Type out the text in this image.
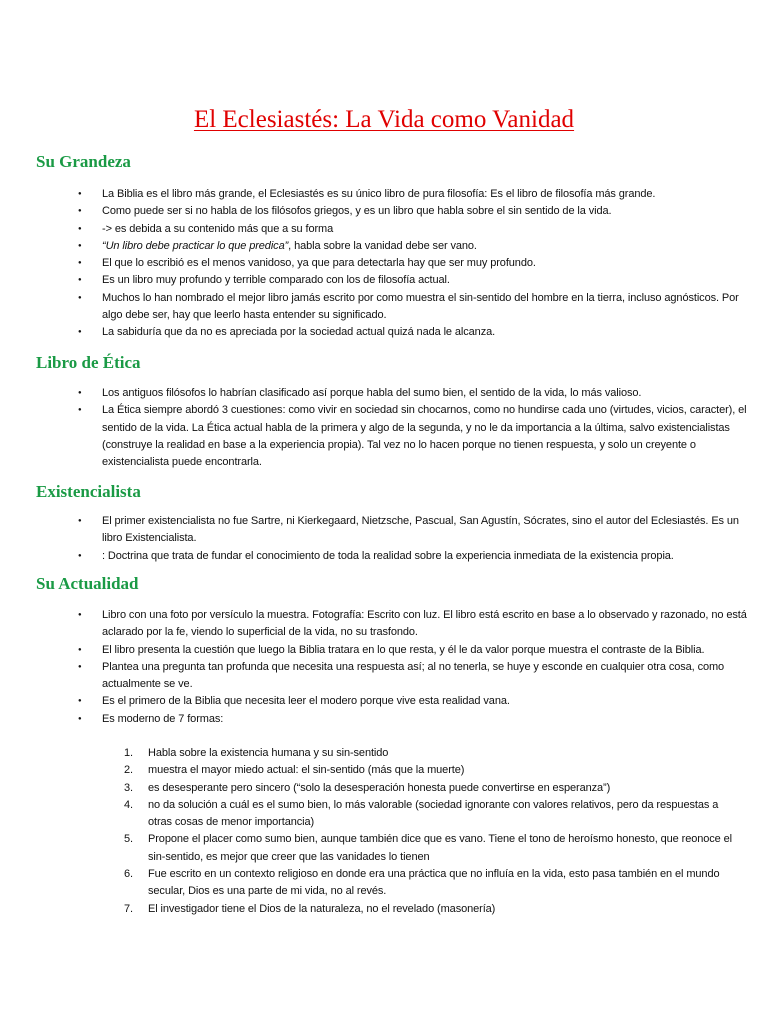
El Eclesiastés: La Vida como Vanidad
Su Grandeza
● La Biblia es el libro más grande, el Eclesiastés es su único libro de pura filosofía: Es el libro de filosofía más grande.
● Como puede ser si no habla de los filósofos griegos, y es un libro que habla sobre el sin sentido de la vida.
● -> es debida a su contenido más que a su forma
● “Un libro debe practicar lo que predica”, habla sobre la vanidad debe ser vano.
● El que lo escribió es el menos vanidoso, ya que para detectarla hay que ser muy profundo.
● Es un libro muy profundo y terrible comparado con los de filosofía actual.
● Muchos lo han nombrado el mejor libro jamás escrito por como muestra el sin-sentido del hombre en la tierra, incluso agnósticos. Por algo debe ser, hay que leerlo hasta entender su significado.
● La sabiduría que da no es apreciada por la sociedad actual quizá nada le alcanza.
Libro de Ética
● Los antiguos filósofos lo habrían clasificado así porque habla del sumo bien, el sentido de la vida, lo más valioso.
● La Ética siempre abordó 3 cuestiones: como vivir en sociedad sin chocarnos, como no hundirse cada uno (virtudes, vicios, caracter), el sentido de la vida. La Ética actual habla de la primera y algo de la segunda, y no le da importancia a la última, salvo existencialistas (construye la realidad en base a la experiencia propia). Tal vez no lo hacen porque no tienen respuesta, y solo un creyente o existencialista puede encontrarla.
Existencialista
● El primer existencialista no fue Sartre, ni Kierkegaard, Nietzsche, Pascual, San Agustín, Sócrates, sino el autor del Eclesiastés. Es un libro Existencialista.
● : Doctrina que trata de fundar el conocimiento de toda la realidad sobre la experiencia inmediata de la existencia propia.
Su Actualidad
● Libro con una foto por versículo la muestra. Fotografía: Escrito con luz. El libro está escrito en base a lo observado y razonado, no está aclarado por la fe, viendo lo superficial de la vida, no su trasfondo.
● El libro presenta la cuestión que luego la Biblia tratara en lo que resta, y él le da valor porque muestra el contraste de la Biblia.
● Plantea una pregunta tan profunda que necesita una respuesta así; al no tenerla, se huye y esconde en cualquier otra cosa, como actualmente se ve.
● Es el primero de la Biblia que necesita leer el modero porque vive esta realidad vana.
● Es moderno de 7 formas:
1. Habla sobre la existencia humana y su sin-sentido
2. muestra el mayor miedo actual: el sin-sentido (más que la muerte)
3. es desesperante pero sincero (“solo la desesperación honesta puede convertirse en esperanza”)
4. no da solución a cuál es el sumo bien, lo más valorable (sociedad ignorante con valores relativos, pero da respuestas a otras cosas de menor importancia)
5. Propone el placer como sumo bien, aunque también dice que es vano. Tiene el tono de heroísmo honesto, que reonoce el sin-sentido, es mejor que creer que las vanidades lo tienen
6. Fue escrito en un contexto religioso en donde era una práctica que no influía en la vida, esto pasa también en el mundo secular, Dios es una parte de mi vida, no al revés.
7. El investigador tiene el Dios de la naturaleza, no el revelado (masonería)
